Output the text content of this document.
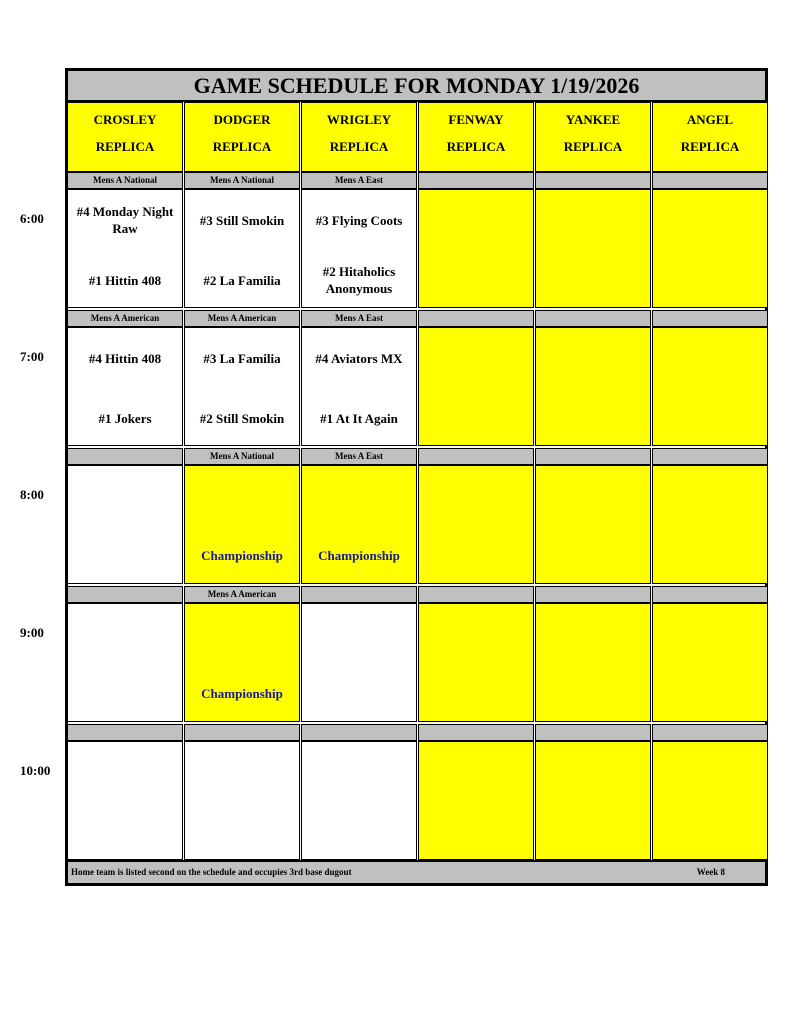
GAME SCHEDULE FOR MONDAY 1/19/2026
CROSLEY
REPLICA
DODGER
REPLICA
WRIGLEY
REPLICA
FENWAY
REPLICA
YANKEE
REPLICA
ANGEL
REPLICA
6:00
Mens A National
#4 Monday Night Raw
#1 Hittin 408
Mens A National
#3 Still Smokin
#2 La Familia
Mens A East
#3 Flying Coots
#2 Hitaholics Anonymous
7:00
Mens A American
#4 Hittin 408
#1 Jokers
Mens A American
#3 La Familia
#2 Still Smokin
Mens A East
#4 Aviators MX
#1 At It Again
8:00
Mens A National
Championship
Mens A East
Championship
9:00
Mens A American
Championship
10:00
Home team is listed second on the schedule and occupies 3rd base dugout	Week 8
